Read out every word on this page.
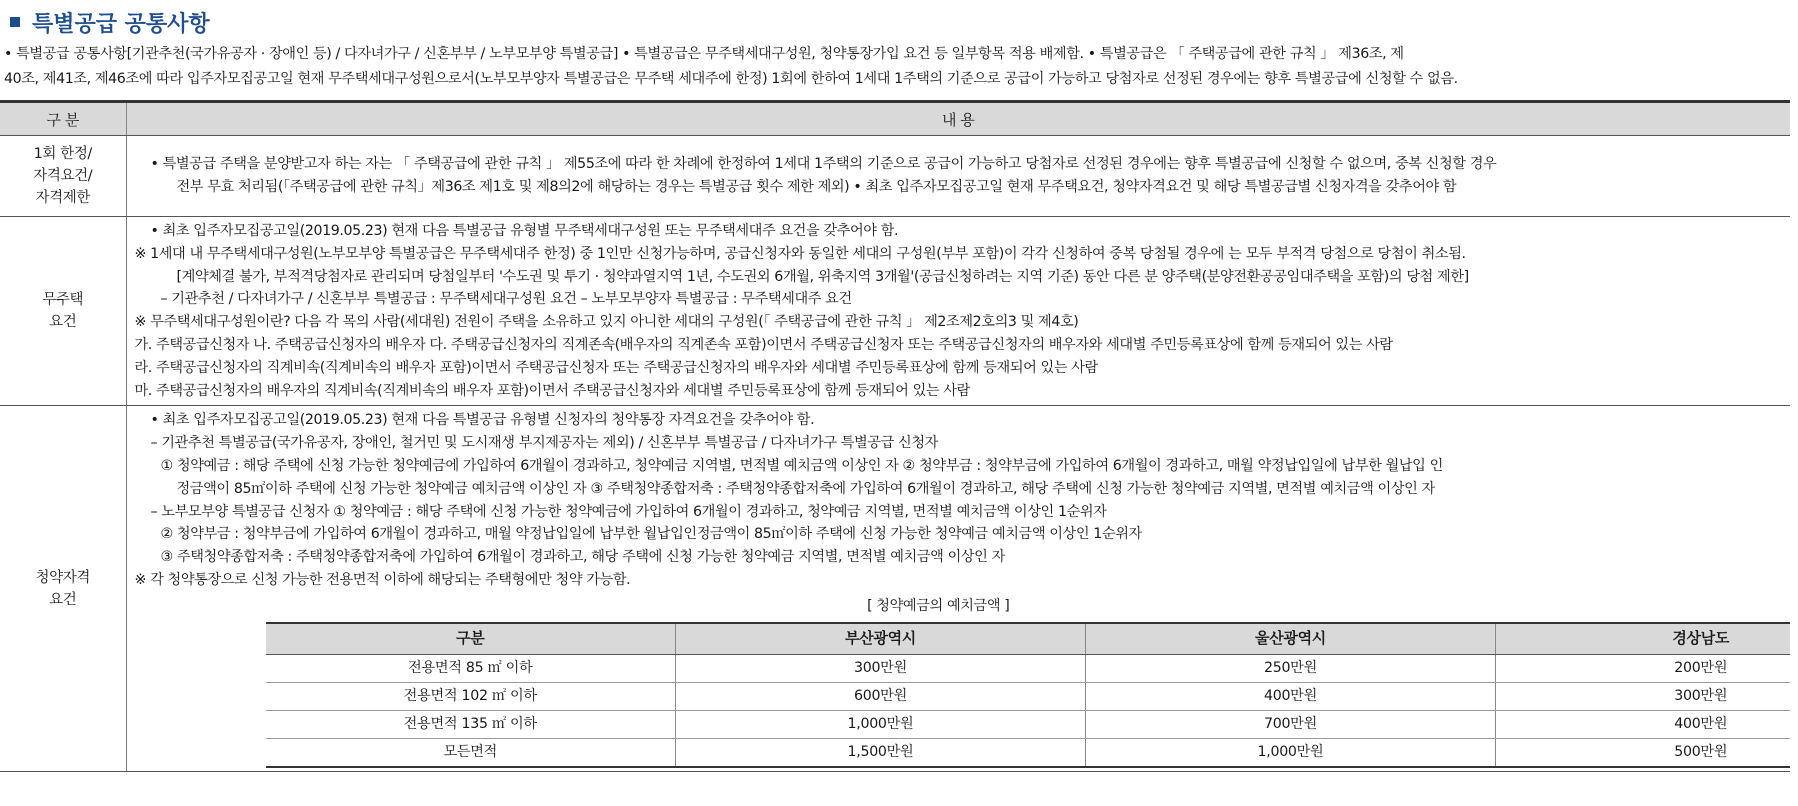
특별공급 공통사항
• 특별공급 공통사항[기관추천(국가유공자 · 장애인 등) / 다자녀가구 / 신혼부부 / 노부모부양 특별공급] • 특별공급은 무주택세대구성원, 청약통장가입 요건 등 일부항목 적용 배제함. • 특별공급은 「 주택공급에 관한 규칙 」 제36조, 제
40조, 제41조, 제46조에 따라 입주자모집공고일 현재 무주택세대구성원으로서(노부모부양자 특별공급은 무주택 세대주에 한정) 1회에 한하여 1세대 1주택의 기준으로 공급이 가능하고 당첨자로 선정된 경우에는 향후 특별공급에 신청할 수 없음.
구 분	내 용

1회 한정/
자격요건/
자격제한

• 특별공급 주택을 분양받고자 하는 자는 「 주택공급에 관한 규칙 」 제55조에 따라 한 차례에 한정하여 1세대 1주택의 기준으로 공급이 가능하고 당첨자로 선정된 경우에는 향후 특별공급에 신청할 수 없으며, 중복 신청할 경우
전부 무효 처리됨(「주택공급에 관한 규칙」제36조 제1호 및 제8의2에 해당하는 경우는 특별공급 횟수 제한 제외) • 최초 입주자모집공고일 현재 무주택요건, 청약자격요건 및 해당 특별공급별 신청자격을 갖추어야 함

무주택
요건

• 최초 입주자모집공고일(2019.05.23) 현재 다음 특별공급 유형별 무주택세대구성원 또는 무주택세대주 요건을 갖추어야 함.
※ 1세대 내 무주택세대구성원(노부모부양 특별공급은 무주택세대주 한정) 중 1인만 신청가능하며, 공급신청자와 동일한 세대의 구성원(부부 포함)이 각각 신청하여 중복 당첨될 경우에 는 모두 부적격 당첨으로 당첨이 취소됨.
[계약체결 불가, 부적격당첨자로 관리되며 당첨일부터 '수도권 및 투기 · 청약과열지역 1년, 수도권외 6개월, 위축지역 3개월'(공급신청하려는 지역 기준) 동안 다른 분 양주택(분양전환공공임대주택을 포함)의 당첨 제한]
– 기관추천 / 다자녀가구 / 신혼부부 특별공급 : 무주택세대구성원 요건 – 노부모부양자 특별공급 : 무주택세대주 요건
※ 무주택세대구성원이란? 다음 각 목의 사람(세대원) 전원이 주택을 소유하고 있지 아니한 세대의 구성원(「 주택공급에 관한 규칙 」 제2조제2호의3 및 제4호)
가. 주택공급신청자 나. 주택공급신청자의 배우자 다. 주택공급신청자의 직계존속(배우자의 직계존속 포함)이면서 주택공급신청자 또는 주택공급신청자의 배우자와 세대별 주민등록표상에 함께 등재되어 있는 사람
라. 주택공급신청자의 직계비속(직계비속의 배우자 포함)이면서 주택공급신청자 또는 주택공급신청자의 배우자와 세대별 주민등록표상에 함께 등재되어 있는 사람
마. 주택공급신청자의 배우자의 직계비속(직계비속의 배우자 포함)이면서 주택공급신청자와 세대별 주민등록표상에 함께 등재되어 있는 사람

청약자격
요건

• 최초 입주자모집공고일(2019.05.23) 현재 다음 특별공급 유형별 신청자의 청약통장 자격요건을 갖추어야 함.
– 기관추천 특별공급(국가유공자, 장애인, 철거민 및 도시재생 부지제공자는 제외) / 신혼부부 특별공급 / 다자녀가구 특별공급 신청자
① 청약예금 : 해당 주택에 신청 가능한 청약예금에 가입하여 6개월이 경과하고, 청약예금 지역별, 면적별 예치금액 이상인 자 ② 청약부금 : 청약부금에 가입하여 6개월이 경과하고, 매월 약정납입일에 납부한 월납입 인
정금액이 85㎡이하 주택에 신청 가능한 청약예금 예치금액 이상인 자 ③ 주택청약종합저축 : 주택청약종합저축에 가입하여 6개월이 경과하고, 해당 주택에 신청 가능한 청약예금 지역별, 면적별 예치금액 이상인 자
– 노부모부양 특별공급 신청자 ① 청약예금 : 해당 주택에 신청 가능한 청약예금에 가입하여 6개월이 경과하고, 청약예금 지역별, 면적별 예치금액 이상인 1순위자
② 청약부금 : 청약부금에 가입하여 6개월이 경과하고, 매월 약정납입일에 납부한 월납입인정금액이 85㎡이하 주택에 신청 가능한 청약예금 예치금액 이상인 1순위자
③ 주택청약종합저축 : 주택청약종합저축에 가입하여 6개월이 경과하고, 해당 주택에 신청 가능한 청약예금 지역별, 면적별 예치금액 이상인 자
※ 각 청약통장으로 신청 가능한 전용면적 이하에 해당되는 주택형에만 청약 가능함.
[ 청약예금의 예치금액 ]
구분	부산광역시	울산광역시	경상남도
전용면적 85 ㎡ 이하	300만원	250만원	200만원
전용면적 102 ㎡ 이하	600만원	400만원	300만원
전용면적 135 ㎡ 이하	1,000만원	700만원	400만원
모든면적	1,500만원	1,000만원	500만원
